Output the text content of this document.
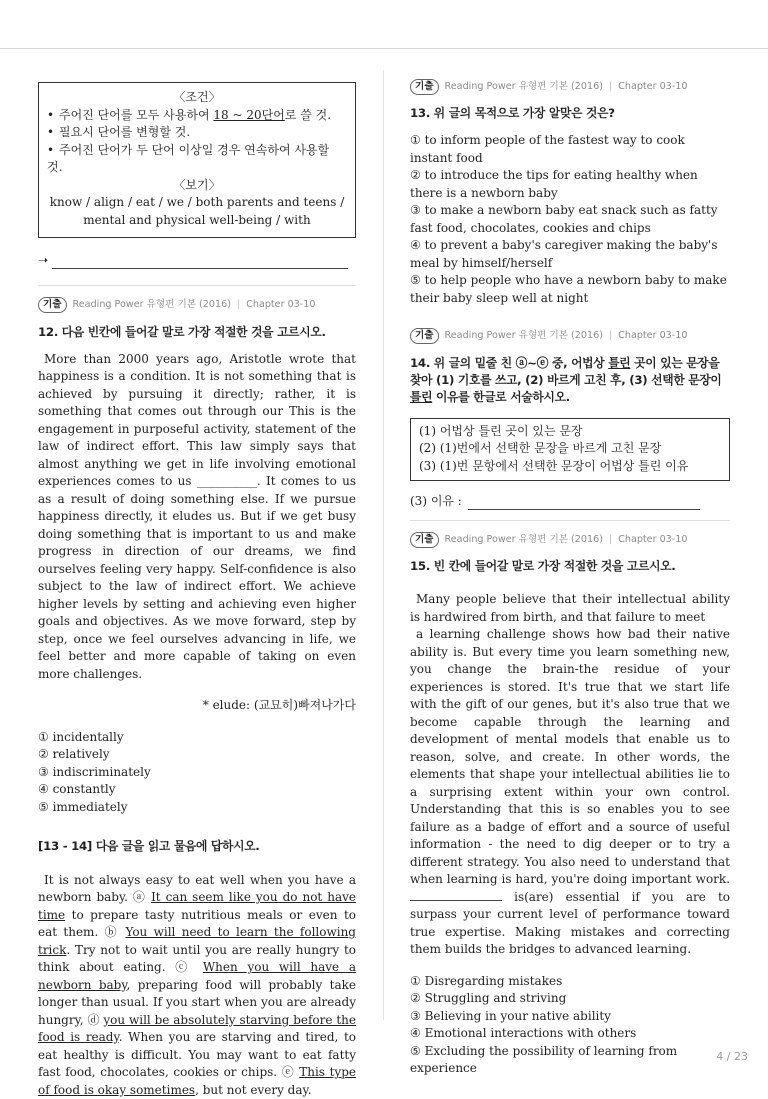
〈조건〉
• 주어진 단어를 모두 사용하여 18 ~ 20단어로 쓸 것.
• 필요시 단어를 변형할 것.
• 주어진 단어가 두 단어 이상일 경우 연속하여 사용할 것.
〈보기〉
know / align / eat / we / both parents and teens / mental and physical well-being / with
➝
기출	Reading Power 유형편 기본 (2016) | Chapter 03-10
12. 다음 빈칸에 들어갈 말로 가장 적절한 것을 고르시오.
More than 2000 years ago, Aristotle wrote that happiness is a condition. It is not something that is achieved by pursuing it directly; rather, it is something that comes out through our This is the engagement in purposeful activity, statement of the law of indirect effort. This law simply says that almost anything we get in life involving emotional experiences comes to us __________. It comes to us as a result of doing something else. If we pursue happiness directly, it eludes us. But if we get busy doing something that is important to us and make progress in direction of our dreams, we find ourselves feeling very happy. Self-confidence is also subject to the law of indirect effort. We achieve higher levels by setting and achieving even higher goals and objectives. As we move forward, step by step, once we feel ourselves advancing in life, we feel better and more capable of taking on even more challenges.
* elude: (교묘히)빠져나가다
① incidentally
② relatively
③ indiscriminately
④ constantly
⑤ immediately
[13 - 14] 다음 글을 읽고 물음에 답하시오.
It is not always easy to eat well when you have a newborn baby. ⓐ It can seem like you do not have time to prepare tasty nutritious meals or even to eat them. ⓑ You will need to learn the following trick. Try not to wait until you are really hungry to think about eating. ⓒ When you will have a newborn baby, preparing food will probably take longer than usual. If you start when you are already hungry, ⓓ you will be absolutely starving before the food is ready. When you are starving and tired, to eat healthy is difficult. You may want to eat fatty fast food, chocolates, cookies or chips. ⓔ This type of food is okay sometimes, but not every day.
기출	Reading Power 유형편 기본 (2016) | Chapter 03-10
13. 위 글의 목적으로 가장 알맞은 것은?
① to inform people of the fastest way to cook instant food
② to introduce the tips for eating healthy when there is a newborn baby
③ to make a newborn baby eat snack such as fatty fast food, chocolates, cookies and chips
④ to prevent a baby's caregiver making the baby's meal by himself/herself
⑤ to help people who have a newborn baby to make their baby sleep well at night
기출	Reading Power 유형편 기본 (2016) | Chapter 03-10
14. 위 글의 밑줄 친 ⓐ~ⓔ 중, 어법상 틀린 곳이 있는 문장을 찾아 (1) 기호를 쓰고, (2) 바르게 고친 후, (3) 선택한 문장이 틀린 이유를 한글로 서술하시오.
(1) 어법상 틀린 곳이 있는 문장
(2) (1)번에서 선택한 문장을 바르게 고친 문장
(3) (1)번 문항에서 선택한 문장이 어법상 틀린 이유
(3) 이유 :
기출	Reading Power 유형편 기본 (2016) | Chapter 03-10
15. 빈 칸에 들어갈 말로 가장 적절한 것을 고르시오.
Many people believe that their intellectual ability is hardwired from birth, and that failure to meet
a learning challenge shows how bad their native ability is. But every time you learn something new, you change the brain-the residue of your experiences is stored. It's true that we start life with the gift of our genes, but it's also true that we become capable through the learning and development of mental models that enable us to reason, solve, and create. In other words, the elements that shape your intellectual abilities lie to a surprising extent within your own control. Understanding that this is so enables you to see failure as a badge of effort and a source of useful information - the need to dig deeper or to try a different strategy. You also need to understand that when learning is hard, you're doing important work.  is(are) essential if you are to surpass your current level of performance toward true expertise. Making mistakes and correcting them builds the bridges to advanced learning.
① Disregarding mistakes
② Struggling and striving
③ Believing in your native ability
④ Emotional interactions with others
⑤ Excluding the possibility of learning from experience
4 / 23
